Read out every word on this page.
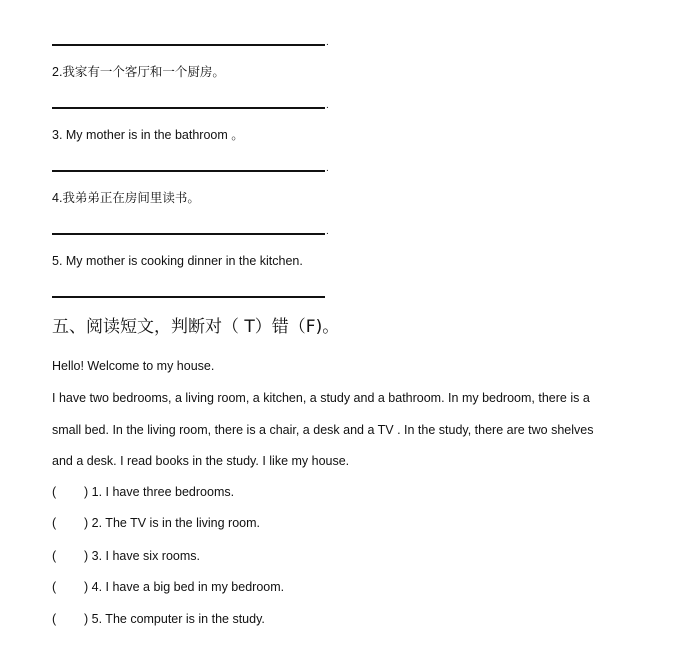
.
2.我家有一个客厅和一个厨房。
.
3. My mother is in the bathroom 。
.
4.我弟弟正在房间里读书。
.
5. My mother is cooking dinner in the kitchen.
五、阅读短文，判断对（ T）错（F)。
Hello! Welcome to my house.
I have two bedrooms, a living room, a kitchen, a study and a bathroom. In my bedroom, there is a
small bed. In the living room, there is a chair, a desk and a TV . In the study, there are two shelves
and a desk. I read books in the study. I like my house.
( ) 1. I have three bedrooms.
( ) 2. The TV is in the living room.
( ) 3. I have six rooms.
( ) 4. I have a big bed in my bedroom.
( ) 5. The computer is in the study.
